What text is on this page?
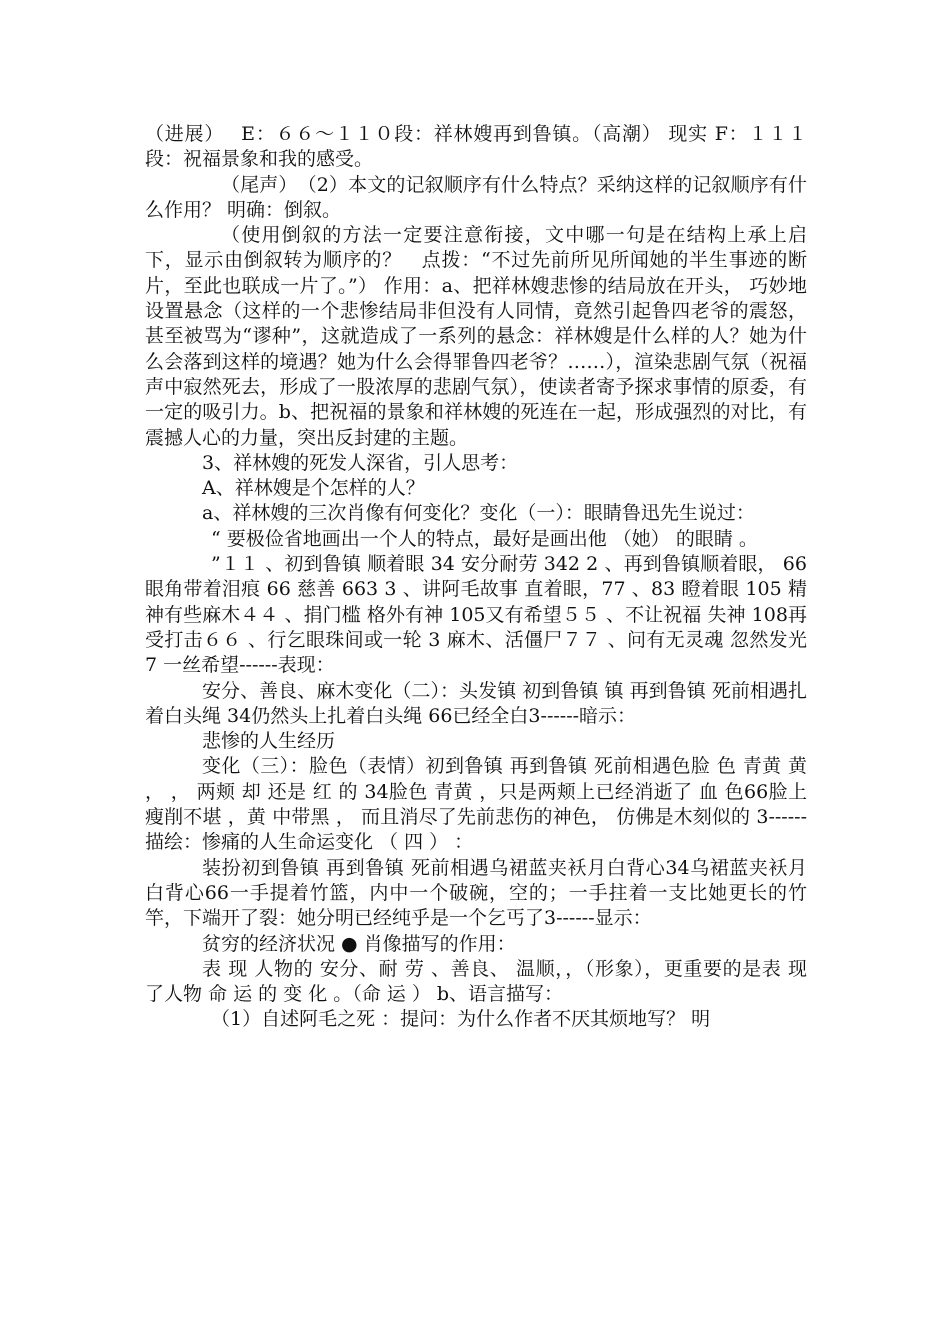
（进展）　 E：６６～１１０段：祥林嫂再到鲁镇。（高潮） 现实 F：１１１段：祝福景象和我的感受。

（尾声）　（2）本文的记叙顺序有什么特点？采纳这样的记叙顺序有什么作用？ 明确：倒叙。

（使用倒叙的方法一定要注意衔接，文中哪一句是在结构上承上启下，显示由倒叙转为顺序的？　点拨：“不过先前所见所闻她的半生事迹的断片，至此也联成一片了。”） 作用：a、把祥林嫂悲惨的结局放在开头， 巧妙地设置悬念（这样的一个悲惨结局非但没有人同情，竟然引起鲁四老爷的震怒，甚至被骂为“谬种”，这就造成了一系列的悬念：祥林嫂是什么样的人？她为什么会落到这样的境遇？她为什么会得罪鲁四老爷？……），渲染悲剧气氛（祝福声中寂然死去，形成了一股浓厚的悲剧气氛），使读者寄予探求事情的原委，有一定的吸引力。b、把祝福的景象和祥林嫂的死连在一起，形成强烈的对比，有震撼人心的力量，突出反封建的主题。

3、祥林嫂的死发人深省，引人思考：

A、祥林嫂是个怎样的人？

a、祥林嫂的三次肖像有何变化？变化（一）：眼睛鲁迅先生说过：

“ 要极俭省地画出一个人的特点，最好是画出他 （她） 的眼睛 。

”１１ 、初到鲁镇 顺着眼 34 安分耐劳 342 2 、再到鲁镇顺着眼， 66眼角带着泪痕 66 慈善 663 3 、讲阿毛故事 直着眼，77 、83 瞪着眼 105 精神有些麻木４４ 、捐门槛 格外有神 105又有希望５５ 、不让祝福 失神 108再受打击６６ 、行乞眼珠间或一轮 3 麻木、活僵尸７７ 、问有无灵魂 忽然发光 7 一丝希望------表现：

安分、善良、麻木变化（二）：头发镇 初到鲁镇 镇 再到鲁镇 死前相遇扎着白头绳 34仍然头上扎着白头绳 66已经全白3------暗示：

悲惨的人生经历

变化（三）：脸色（表情）初到鲁镇 再到鲁镇 死前相遇色脸 色 青黄 黄 ， ， 两颊 却 还是 红 的 34脸色 青黄 ，只是两颊上已经消逝了 血 色66脸上瘦削不堪 ，黄 中带黑 ， 而且消尽了先前悲伤的神色， 仿佛是木刻似的 3------描绘：惨痛的人生命运变化 （ 四 ） ：

装扮初到鲁镇 再到鲁镇 死前相遇乌裙蓝夹袄月白背心34乌裙蓝夹袄月白背心66一手提着竹篮，内中一个破碗，空的；一手拄着一支比她更长的竹竿，下端开了裂：她分明已经纯乎是一个乞丐了3------显示：

贫穷的经济状况 ● 肖像描写的作用：

表 现 人物的 安分、耐 劳 、善良、 温顺，，（形象），更重要的是表 现 了人物 命 运 的 变 化 。（命 运 ） b、语言描写：

（1）自述阿毛之死 ：提问：为什么作者不厌其烦地写？ 明
